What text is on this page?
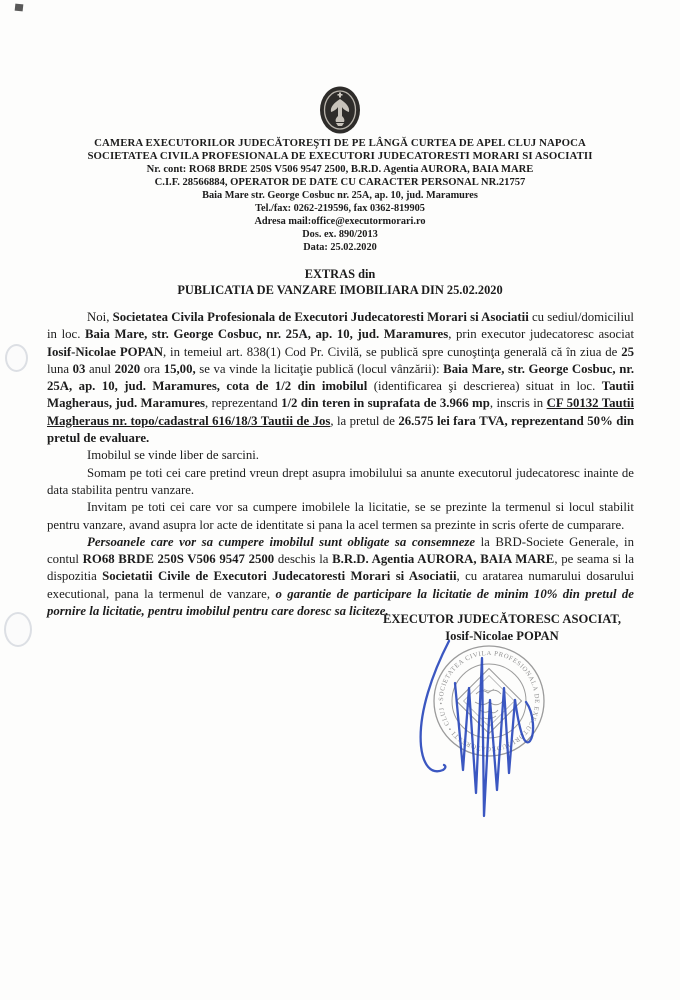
CAMERA EXECUTORILOR JUDECĂTOREŞTI DE PE LÂNGĂ CURTEA DE APEL CLUJ NAPOCA
SOCIETATEA CIVILA PROFESIONALA DE EXECUTORI JUDECATORESTI MORARI SI ASOCIATII
Nr. cont: RO68 BRDE 250S V506 9547 2500, B.R.D. Agentia AURORA, BAIA MARE
C.I.F. 28566884, OPERATOR DE DATE CU CARACTER PERSONAL NR.21757
Baia Mare str. George Cosbuc nr. 25A, ap. 10, jud. Maramures
Tel./fax: 0262-219596, fax 0362-819905
Adresa mail:office@executormorari.ro
Dos. ex. 890/2013
Data: 25.02.2020
EXTRAS din
PUBLICATIA DE VANZARE IMOBILIARA DIN 25.02.2020

Noi, Societatea Civila Profesionala de Executori Judecatoresti Morari si Asociatii cu sediul/domiciliul in loc. Baia Mare, str. George Cosbuc, nr. 25A, ap. 10, jud. Maramures, prin executor judecatoresc asociat Iosif-Nicolae POPAN, in temeiul art. 838(1) Cod Pr. Civilă, se publică spre cunoştinţa generală că în ziua de 25 luna 03 anul 2020 ora 15,00, se va vinde la licitaţie publică (locul vânzării): Baia Mare, str. George Cosbuc, nr. 25A, ap. 10, jud. Maramures, cota de 1/2 din imobilul (identificarea şi descrierea) situat in loc. Tautii Magheraus, jud. Maramures, reprezentand 1/2 din teren in suprafata de 3.966 mp, inscris in CF 50132 Tautii Magheraus nr. topo/cadastral 616/18/3 Tautii de Jos, la pretul de 26.575 lei fara TVA, reprezentand 50% din pretul de evaluare.

Imobilul se vinde liber de sarcini.

Somam pe toti cei care pretind vreun drept asupra imobilului sa anunte executorul judecatoresc inainte de data stabilita pentru vanzare.

Invitam pe toti cei care vor sa cumpere imobilele la licitatie, se se prezinte la termenul si locul stabilit pentru vanzare, avand asupra lor acte de identitate si pana la acel termen sa prezinte in scris oferte de cumparare.

Persoanele care vor sa cumpere imobilul sunt obligate sa consemneze la BRD-Societe Generale, in contul RO68 BRDE 250S V506 9547 2500 deschis la B.R.D. Agentia AURORA, BAIA MARE, pe seama si la dispozitia Societatii Civile de Executori Judecatoresti Morari si Asociatii, cu aratarea numarului dosarului executional, pana la termenul de vanzare, o garantie de participare la licitatie de minim 10% din pretul de pornire la licitatie, pentru imobilul pentru care doresc sa liciteze.

EXECUTOR JUDECĂTORESC ASOCIAT,
Iosif-Nicolae POPAN
SOCIETATEA CIVILA PROFESIONALA DE EXECUTORI JUDECATORESTI • CLUJ •
